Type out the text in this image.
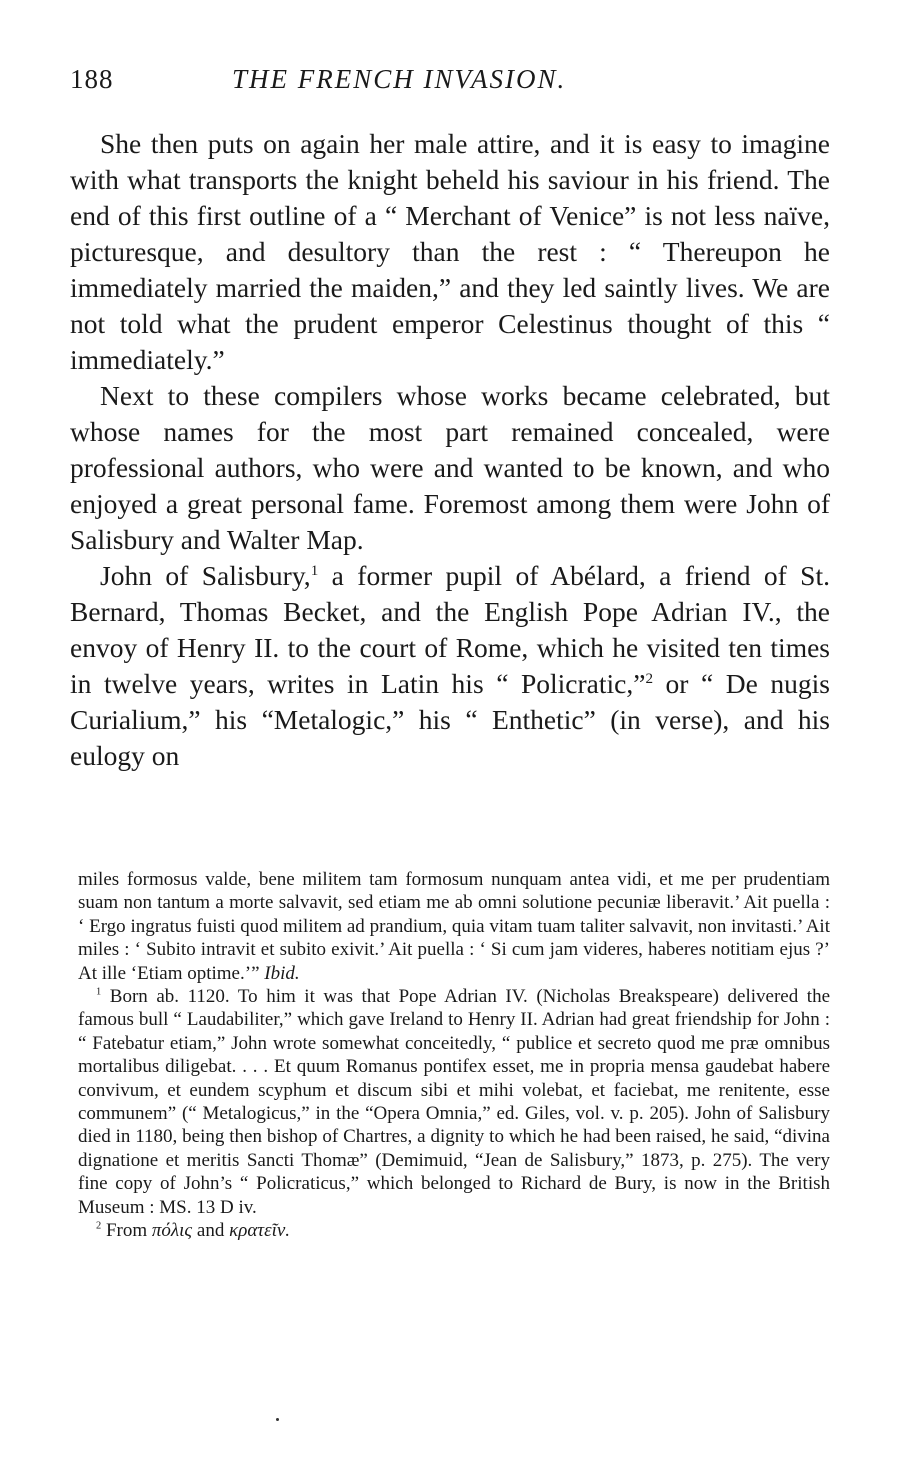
188	THE FRENCH INVASION.

She then puts on again her male attire, and it is easy to imagine with what transports the knight beheld his saviour in his friend. The end of this first outline of a “ Merchant of Venice” is not less naïve, picturesque, and desultory than the rest : “ Thereupon he immediately married the maiden,” and they led saintly lives. We are not told what the prudent emperor Celestinus thought of this “ immediately.”

Next to these compilers whose works became celebrated, but whose names for the most part remained concealed, were professional authors, who were and wanted to be known, and who enjoyed a great personal fame. Foremost among them were John of Salisbury and Walter Map.

John of Salisbury,$^1$ a former pupil of Abélard, a friend of St. Bernard, Thomas Becket, and the English Pope Adrian IV., the envoy of Henry II. to the court of Rome, which he visited ten times in twelve years, writes in Latin his “ Policratic,”$^2$ or “ De nugis Curialium,” his “Metalogic,” his “ Enthetic” (in verse), and his eulogy on

miles formosus valde, bene militem tam formosum nunquam antea vidi, et me per prudentiam suam non tantum a morte salvavit, sed etiam me ab omni solutione pecuniæ liberavit.’ Ait puella : ‘ Ergo ingratus fuisti quod militem ad prandium, quia vitam tuam taliter salvavit, non invitasti.’ Ait miles : ‘ Subito intravit et subito exivit.’ Ait puella : ‘ Si cum jam videres, haberes notitiam ejus ?’ At ille ‘Etiam optime.’” Ibid.

$^1$ Born ab. 1120. To him it was that Pope Adrian IV. (Nicholas Breakspeare) delivered the famous bull “ Laudabiliter,” which gave Ireland to Henry II. Adrian had great friendship for John : “ Fatebatur etiam,” John wrote somewhat conceitedly, “ publice et secreto quod me præ omnibus mortalibus diligebat. . . . Et quum Romanus pontifex esset, me in propria mensa gaudebat habere convivum, et eundem scyphum et discum sibi et mihi volebat, et faciebat, me renitente, esse communem” (“ Metalogicus,” in the “Opera Omnia,” ed. Giles, vol. v. p. 205). John of Salisbury died in 1180, being then bishop of Chartres, a dignity to which he had been raised, he said, “divina dignatione et meritis Sancti Thomæ” (Demimuid, “Jean de Salisbury,” 1873, p. 275). The very fine copy of John’s “ Policraticus,” which belonged to Richard de Bury, is now in the British Museum : MS. 13 D iv.

$^2$ From πόλις and κρατεῖν.
